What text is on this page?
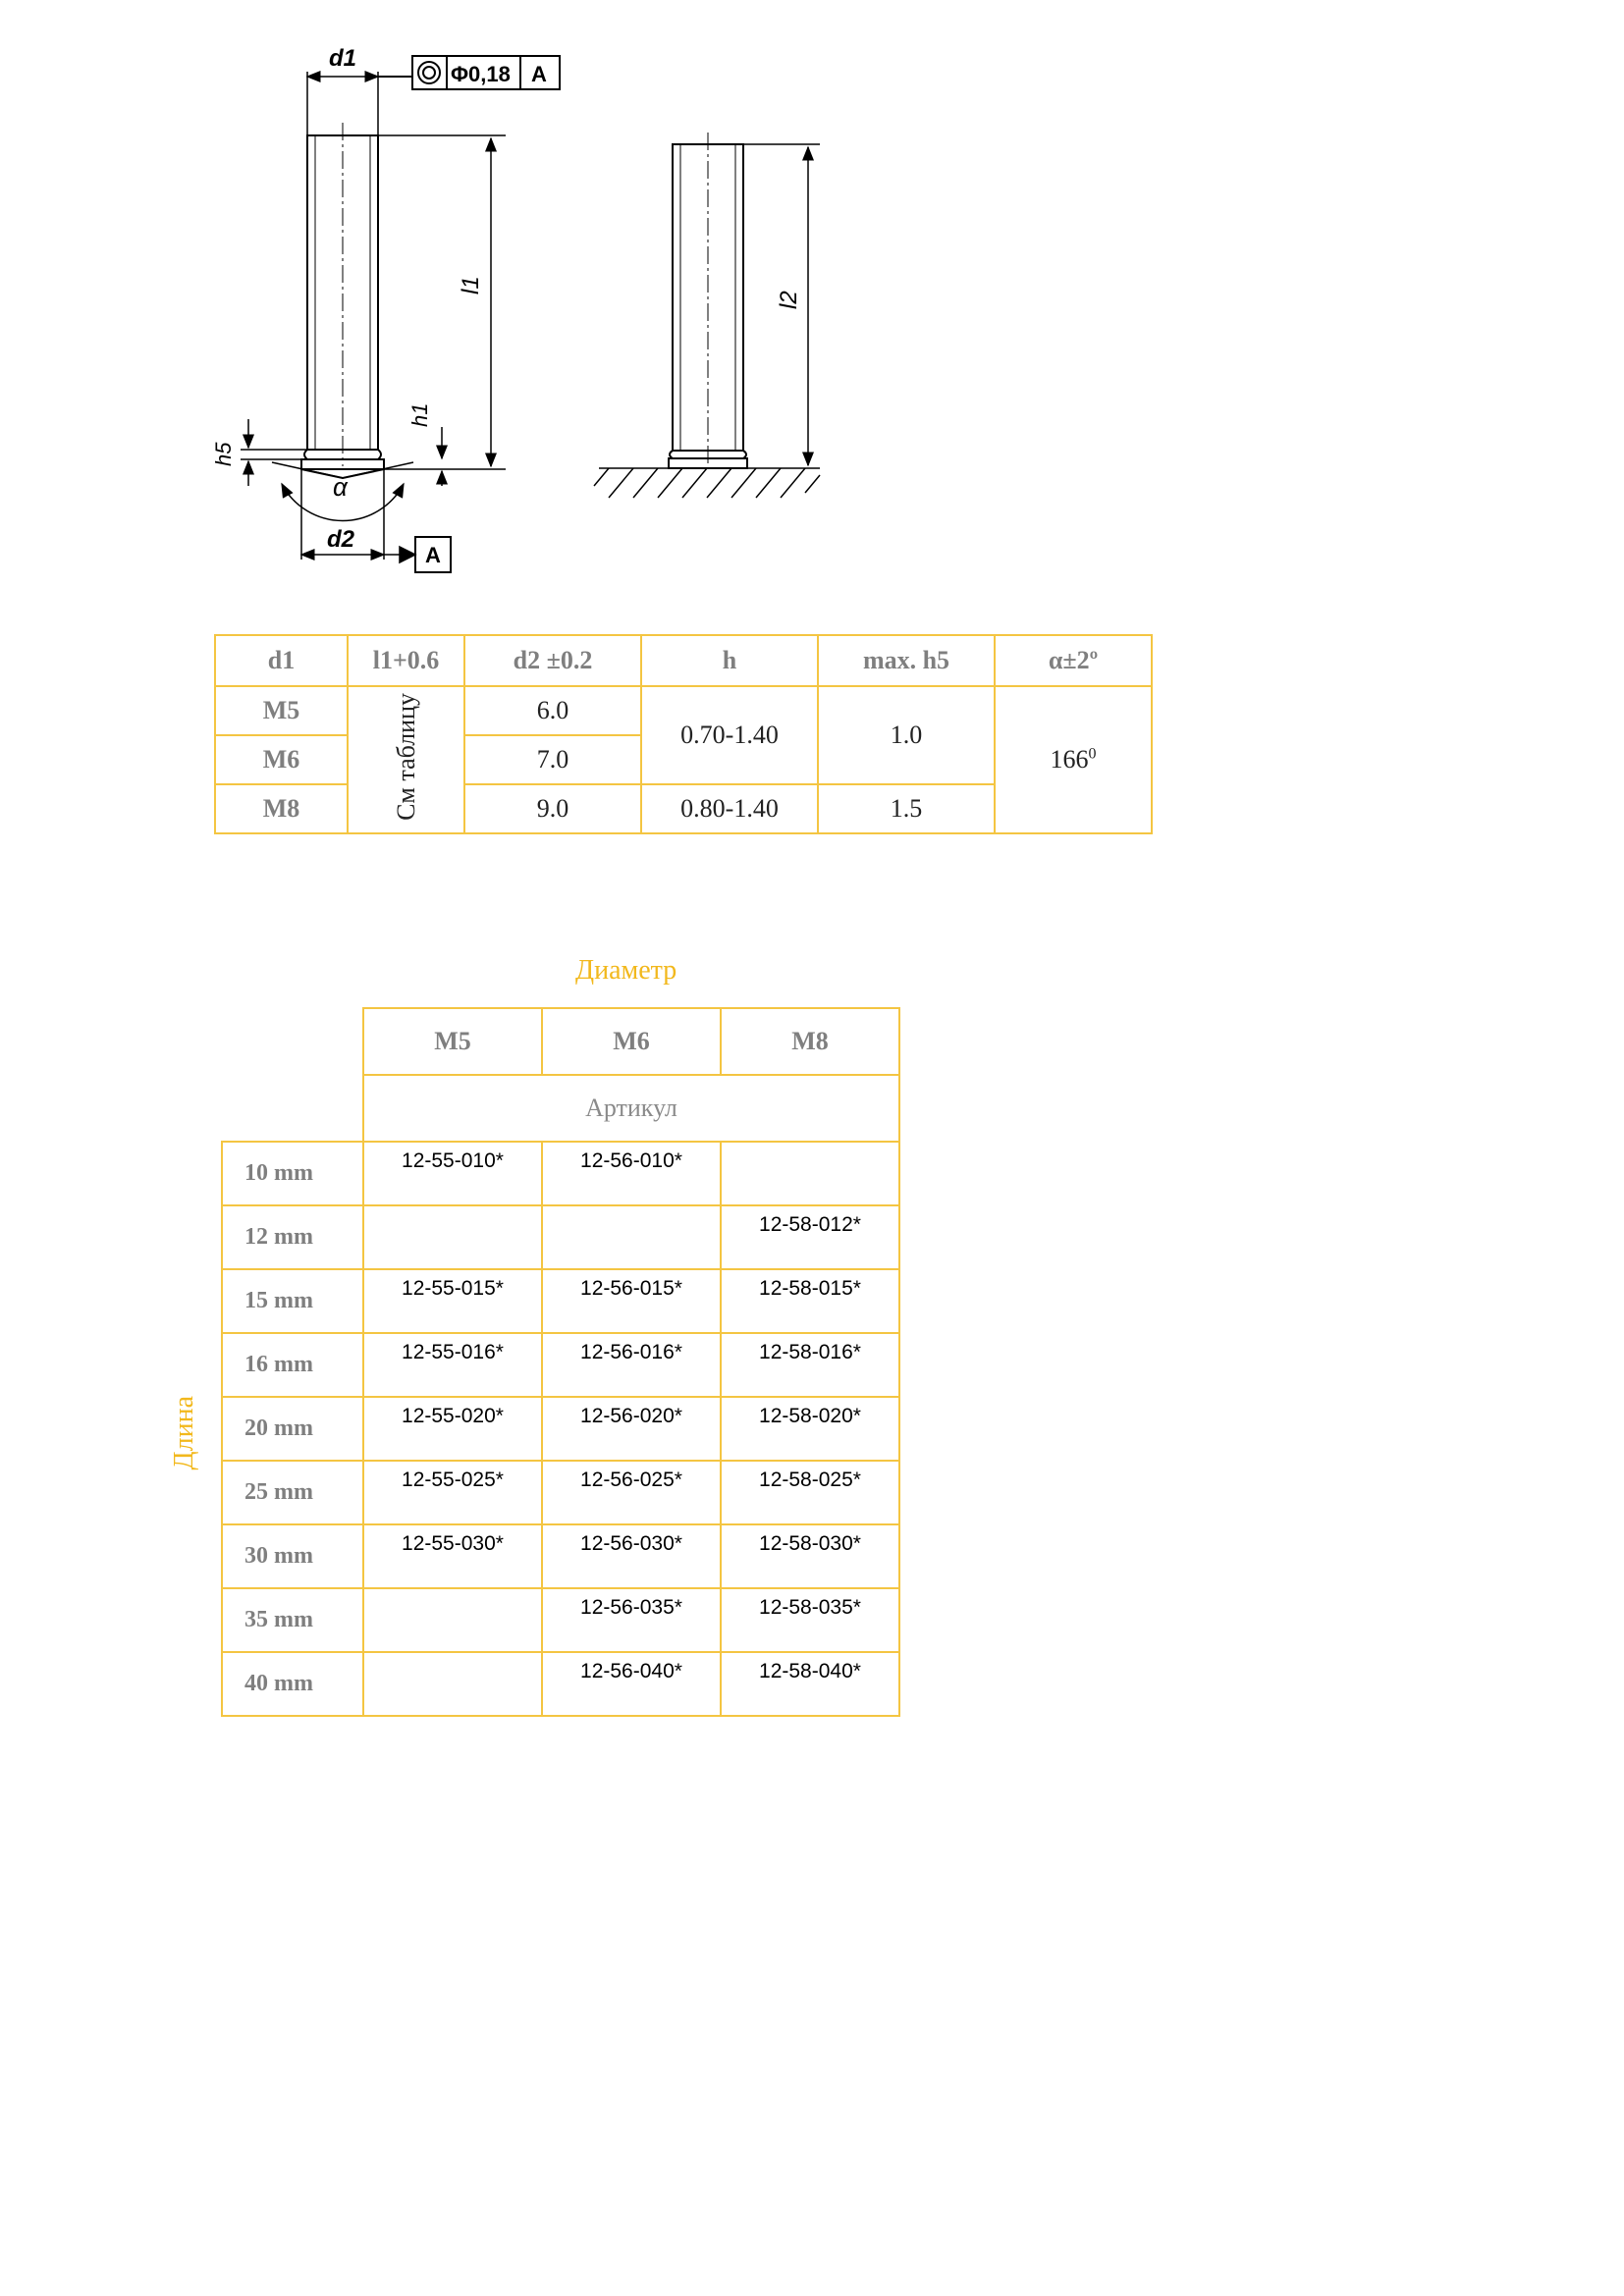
d1
Φ0,18 A
l1
h1
h5
α
d2
A
l2
d1	l1+0.6	d2 ±0.2	h	max. h5	α±2º
M5	См таблицу	6.0	0.70-1.40	1.0	$166^0$
M6		7.0			
M8		9.0	0.80-1.40	1.5	
Диаметр
Длина
	M5	M6	M8
	Артикул		
10 mm	12-55-010*	12-56-010*	
12 mm			12-58-012*
15 mm	12-55-015*	12-56-015*	12-58-015*
16 mm	12-55-016*	12-56-016*	12-58-016*
20 mm	12-55-020*	12-56-020*	12-58-020*
25 mm	12-55-025*	12-56-025*	12-58-025*
30 mm	12-55-030*	12-56-030*	12-58-030*
35 mm		12-56-035*	12-58-035*
40 mm		12-56-040*	12-58-040*
